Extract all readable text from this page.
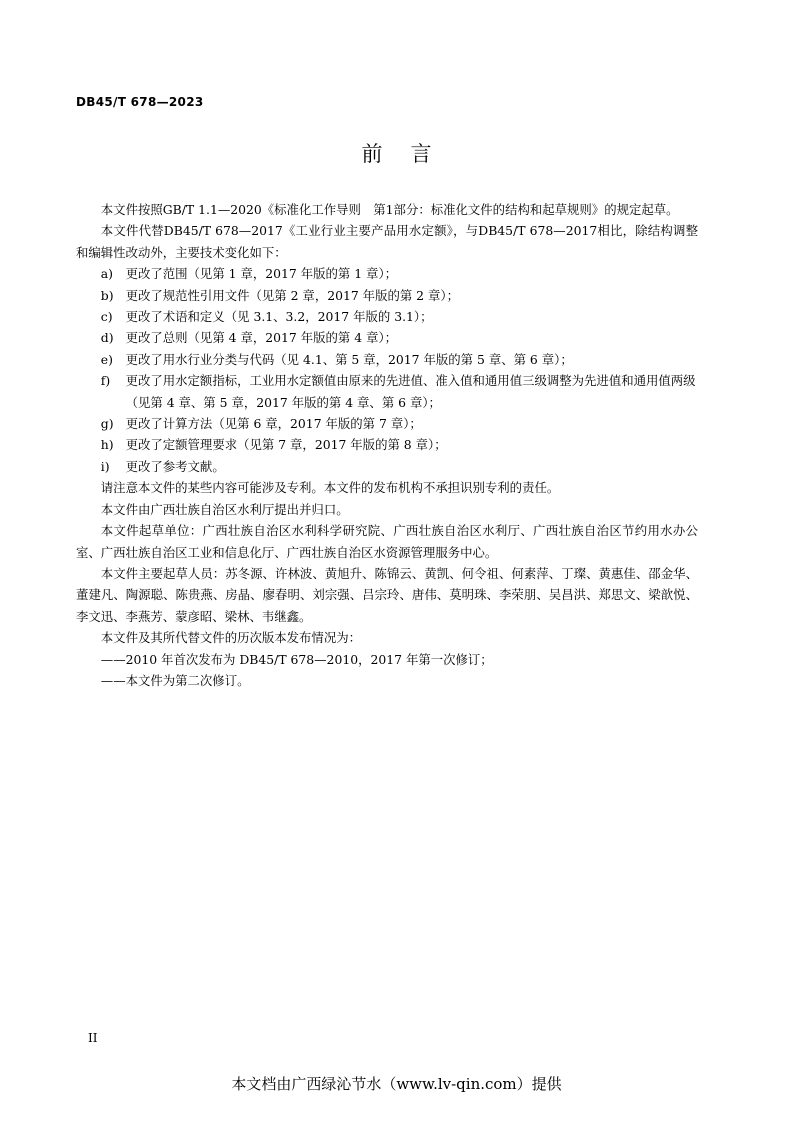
DB45/T 678—2023
前言

本文件按照GB/T 1.1—2020《标准化工作导则　第1部分：标准化文件的结构和起草规则》的规定起草。

本文件代替DB45/T 678—2017《工业行业主要产品用水定额》，与DB45/T 678—2017相比，除结构调整和编辑性改动外，主要技术变化如下：

a)	更改了范围（见第 1 章，2017 年版的第 1 章）；
b) 更改了规范性引用文件（见第 2 章，2017 年版的第 2 章）；
c)	更改了术语和定义（见 3.1、3.2，2017 年版的 3.1）；
d) 更改了总则（见第 4 章，2017 年版的第 4 章）；
e)	更改了用水行业分类与代码（见 4.1、第 5 章，2017 年版的第 5 章、第 6 章）；
f)	更改了用水定额指标，工业用水定额值由原来的先进值、准入值和通用值三级调整为先进值和通用值两级（见第 4 章、第 5 章，2017 年版的第 4 章、第 6 章）；
g) 更改了计算方法（见第 6 章，2017 年版的第 7 章）；
h) 更改了定额管理要求（见第 7 章，2017 年版的第 8 章）；
i)	更改了参考文献。

请注意本文件的某些内容可能涉及专利。本文件的发布机构不承担识别专利的责任。

本文件由广西壮族自治区水利厅提出并归口。

本文件起草单位：广西壮族自治区水利科学研究院、广西壮族自治区水利厅、广西壮族自治区节约用水办公室、广西壮族自治区工业和信息化厅、广西壮族自治区水资源管理服务中心。

本文件主要起草人员：苏冬源、许林波、黄旭升、陈锦云、黄凯、何令祖、何素萍、丁璨、黄惠佳、邵金华、董建凡、陶源聪、陈贵燕、房晶、廖春明、刘宗强、吕宗玲、唐伟、莫明珠、李荣朋、吴昌洪、郑思文、梁歆悦、李文迅、李燕芳、蒙彦昭、梁林、韦继鑫。

本文件及其所代替文件的历次版本发布情况为：

——2010 年首次发布为 DB45/T 678—2010，2017 年第一次修订；

——本文件为第二次修订。

II
本文档由广西绿沁节水（www.lv-qin.com）提供
